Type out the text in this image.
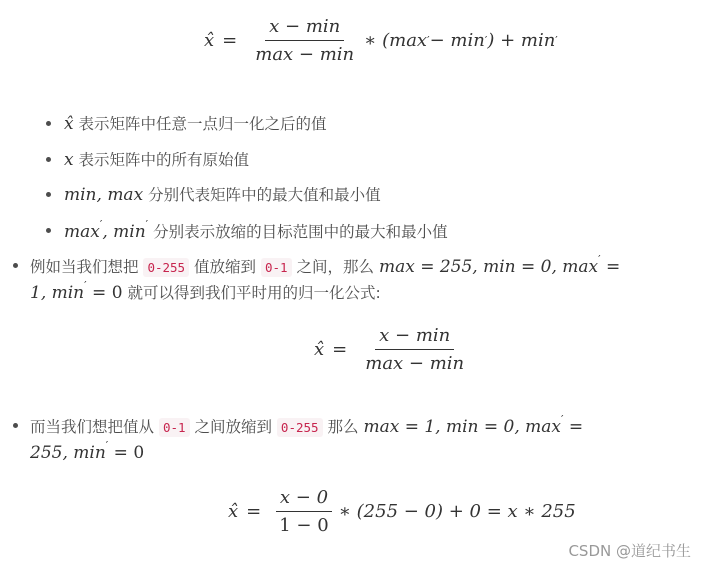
x̂ = $\frac{x - \min}{\max - \min}$ ∗ (max ′ − min ′ ) + min ′
x̂ 表示矩阵中任意一点归一化之后的值
x 表示矩阵中的所有原始值
min, max 分别代表矩阵中的最大值和最小值
max′, min′ 分别表示放缩的目标范围中的最大和最小值
例如当我们想把 0-255 值放缩到 0-1 之间，那么 max = 255, min = 0, max′ =
1, min′ = 0 就可以得到我们平时用的归一化公式:
x̂ = $\frac{x - \min}{\max - \min}$
而当我们想把值从 0-1 之间放缩到 0-255 那么 max = 1, min = 0, max′ =
255, min′ = 0
x̂ = $\frac{x - 0}{1 - 0}$ ∗ (255 − 0) + 0 = x ∗ 255
CSDN @道纪书生
